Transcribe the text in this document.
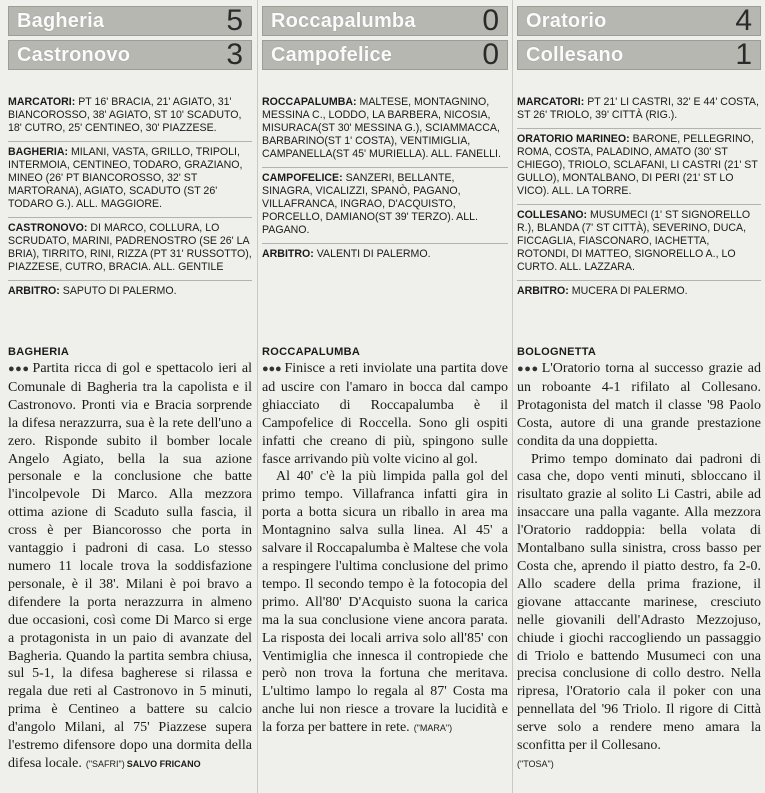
Bagheria	5
Castronovo	3
MARCATORI: PT 16' BRACIA, 21' AGIATO, 31' BIANCOROSSO, 38' AGIATO, ST 10' SCADUTO, 18' CUTRO, 25' CENTINEO, 30' PIAZZESE.
BAGHERIA: MILANI, VASTA, GRILLO, TRIPOLI, INTERMOIA, CENTINEO, TODARO, GRAZIANO, MINEO (26' PT BIANCOROSSO, 32' ST MARTORANA), AGIATO, SCADUTO (ST 26' TODARO G.). ALL. MAGGIORE.
CASTRONOVO: DI MARCO, COLLURA, LO SCRUDATO, MARINI, PADRENOSTRO (SE 26' LA BRIA), TIRRITO, RINI, RIZZA (PT 31' RUSSOTTO), PIAZZESE, CUTRO, BRACIA. ALL. GENTILE
ARBITRO: SAPUTO DI PALERMO.
BAGHERIA

●●● Partita ricca di gol e spettacolo ieri al Comunale di Bagheria tra la capolista e il Castronovo. Pronti via e Bracia sorprende la difesa nerazzurra, sua è la rete dell'uno a zero. Risponde subito il bomber locale Angelo Agiato, bella la sua azione personale e la conclusione che batte l'incolpevole Di Marco. Alla mezzora ottima azione di Scaduto sulla fascia, il cross è per Biancorosso che porta in vantaggio i padroni di casa. Lo stesso numero 11 locale trova la soddisfazione personale, è il 38'. Milani è poi bravo a difendere la porta nerazzurra in almeno due occasioni, così come Di Marco si erge a protagonista in un paio di avanzate del Bagheria. Quando la partita sembra chiusa, sul 5-1, la difesa bagherese si rilassa e regala due reti al Castronovo in 5 minuti, prima è Centineo a battere su calcio d'angolo Milani, al 75' Piazzese supera l'estremo difensore dopo una dormita della difesa locale. ("SAFRI") SALVO FRICANO

Roccapalumba 0
Campofelice	0
ROCCAPALUMBA: MALTESE, MONTAGNINO, MESSINA C., LODDO, LA BARBERA, NICOSIA, MISURACA(ST 30' MESSINA G.), SCIAMMACCA, BARBARINO(ST 1' COSTA), VENTIMIGLIA, CAMPANELLA(ST 45' MURIELLA). ALL. FANELLI.
CAMPOFELICE: SANZERI, BELLANTE, SINAGRA, VICALIZZI, SPANÒ, PAGANO, VILLAFRANCA, INGRAO, D'ACQUISTO, PORCELLO, DAMIANO(ST 39' TERZO). ALL. PAGANO.
ARBITRO: VALENTI DI PALERMO.
ROCCAPALUMBA

●●● Finisce a reti inviolate una partita dove ad uscire con l'amaro in bocca dal campo ghiacciato di Roccapalumba è il Campofelice di Roccella. Sono gli ospiti infatti che creano di più, spingono sulle fasce arrivando più volte vicino al gol.

Al 40' c'è la più limpida palla gol del primo tempo. Villafranca infatti gira in porta a botta sicura un riballo in area ma Montagnino salva sulla linea. Al 45' a salvare il Roccapalumba è Maltese che vola a respingere l'ultima conclusione del primo tempo. Il secondo tempo è la fotocopia del primo. All'80' D'Acquisto suona la carica ma la sua conclusione viene ancora parata. La risposta dei locali arriva solo all'85' con Ventimiglia che innesca il contropiede che però non trova la fortuna che meritava. L'ultimo lampo lo regala al 87' Costa ma anche lui non riesce a trovare la lucidità e la forza per battere in rete. ("MARA")

Oratorio	4
Collesano	1
MARCATORI: PT 21' LI CASTRI, 32' E 44' COSTA, ST 26' TRIOLO, 39' CITTÀ (RIG.).
ORATORIO MARINEO: BARONE, PELLEGRINO, ROMA, COSTA, PALADINO, AMATO (30' ST CHIEGO), TRIOLO, SCLAFANI, LI CASTRI (21' ST GULLO), MONTALBANO, DI PERI (21' ST LO VICO). ALL. LA TORRE.
COLLESANO: MUSUMECI (1' ST SIGNORELLO R.), BLANDA (7' ST CITTÀ), SEVERINO, DUCA, FICCAGLIA, FIASCONARO, IACHETTA, ROTONDI, DI MATTEO, SIGNORELLO A., LO CURTO. ALL. LAZZARA.
ARBITRO: MUCERA DI PALERMO.
BOLOGNETTA

●●● L'Oratorio torna al successo grazie ad un roboante 4-1 rifilato al Collesano. Protagonista del match il classe '98 Paolo Costa, autore di una grande prestazione condita da una doppietta.

Primo tempo dominato dai padroni di casa che, dopo venti minuti, sbloccano il risultato grazie al solito Li Castri, abile ad insaccare una palla vagante. Alla mezzora l'Oratorio raddoppia: bella volata di Montalbano sulla sinistra, cross basso per Costa che, aprendo il piatto destro, fa 2-0. Allo scadere della prima frazione, il giovane attaccante marinese, cresciuto nelle giovanili dell'Adrasto Mezzojuso, chiude i giochi raccogliendo un passaggio di Triolo e battendo Musumeci con una precisa conclusione di collo destro. Nella ripresa, l'Oratorio cala il poker con una pennellata del '96 Triolo. Il rigore di Città serve solo a rendere meno amara la sconfitta per il Collesano.

("TOSA")
